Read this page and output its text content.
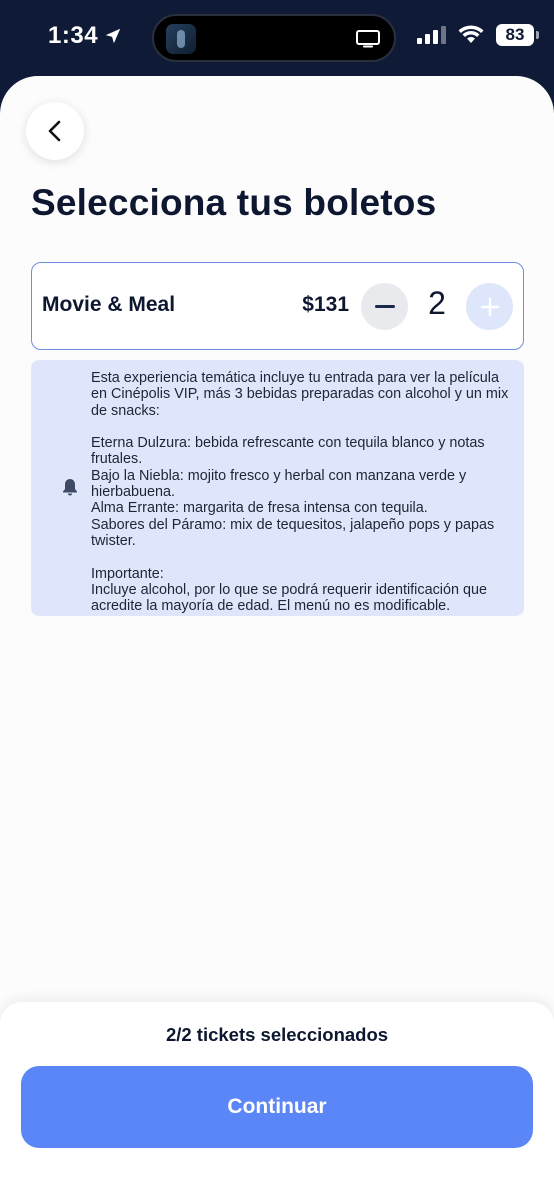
1:34	83
Selecciona tus boletos
Movie & Meal	$131	2
Esta experiencia temática incluye tu entrada para ver la película en Cinépolis VIP, más 3 bebidas preparadas con alcohol y un mix de snacks:

Eterna Dulzura: bebida refrescante con tequila blanco y notas frutales.
Bajo la Niebla: mojito fresco y herbal con manzana verde y hierbabuena.
Alma Errante: margarita de fresa intensa con tequila.
Sabores del Páramo: mix de tequesitos, jalapeño pops y papas twister.

Importante:
Incluye alcohol, por lo que se podrá requerir identificación que acredite la mayoría de edad. El menú no es modificable.
2/2 tickets seleccionados
Continuar
